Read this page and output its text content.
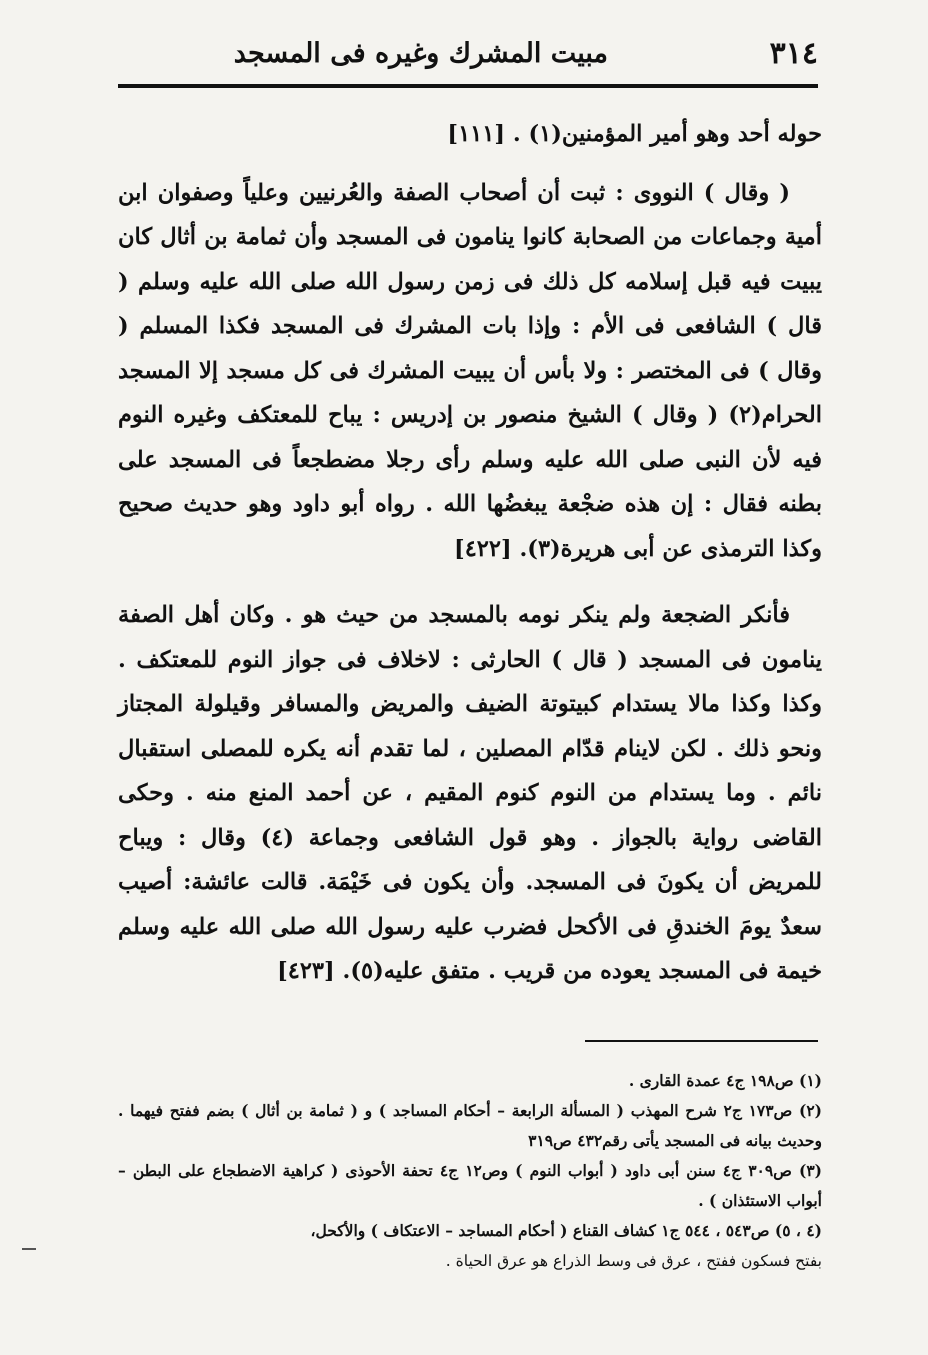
٣١٤
مبيت المشرك وغيره فى المسجد

حوله أحد وهو أمير المؤمنين(١) . [١١١]

( وقال ) النووى : ثبت أن أصحاب الصفة والعُرنيين وعلياً وصفوان ابن أمية وجماعات من الصحابة كانوا ينامون فى المسجد وأن ثمامة بن أثال كان يبيت فيه قبل إسلامه كل ذلك فى زمن رسول الله صلى الله عليه وسلم ( قال ) الشافعى فى الأم : وإذا بات المشرك فى المسجد فكذا المسلم ( وقال ) فى المختصر : ولا بأس أن يبيت المشرك فى كل مسجد إلا المسجد الحرام(٢) ( وقال ) الشيخ منصور بن إدريس : يباح للمعتكف وغيره النوم فيه لأن النبى صلى الله عليه وسلم رأى رجلا مضطجعاً فى المسجد على بطنه فقال : إن هذه ضجْعة يبغضُها الله . رواه أبو داود وهو حديث صحيح وكذا الترمذى عن أبى هريرة(٣). [٤٢٢]

فأنكر الضجعة ولم ينكر نومه بالمسجد من حيث هو . وكان أهل الصفة ينامون فى المسجد ( قال ) الحارثى : لاخلاف فى جواز النوم للمعتكف . وكذا وكذا مالا يستدام كبيتوتة الضيف والمريض والمسافر وقيلولة المجتاز ونحو ذلك . لكن لاينام قدّام المصلين ، لما تقدم أنه يكره للمصلى استقبال نائم . وما يستدام من النوم كنوم المقيم ، عن أحمد المنع منه . وحكى القاضى رواية بالجواز . وهو قول الشافعى وجماعة (٤) وقال : ويباح للمريض أن يكونَ فى المسجد. وأن يكون فى خَيْمَة. قالت عائشة: أصيب سعدٌ يومَ الخندقِ فى الأكحل فضرب عليه رسول الله صلى الله عليه وسلم خيمة فى المسجد يعوده من قريب . متفق عليه(٥). [٤٢٣]

(١) ص١٩٨ ج٤ عمدة القارى .

(٢) ص١٧٣ ج٢ شرح المهذب ( المسألة الرابعة – أحكام المساجد ) و ( ثمامة بن أثال ) بضم ففتح فيهما . وحديث بيانه فى المسجد يأتى رقم٤٣٢ ص٣١٩

(٣) ص٣٠٩ ج٤ سنن أبى داود ( أبواب النوم ) وص١٢ ج٤ تحفة الأحوذى ( كراهية الاضطجاع على البطن – أبواب الاستئذان ) .

(٤ ، ٥) ص٥٤٣ ، ٥٤٤ ج١ كشاف القناع ( أحكام المساجد – الاعتكاف ) والأكحل،

بفتح فسكون ففتح ، عرق فى وسط الذراع هو عرق الحياة .
